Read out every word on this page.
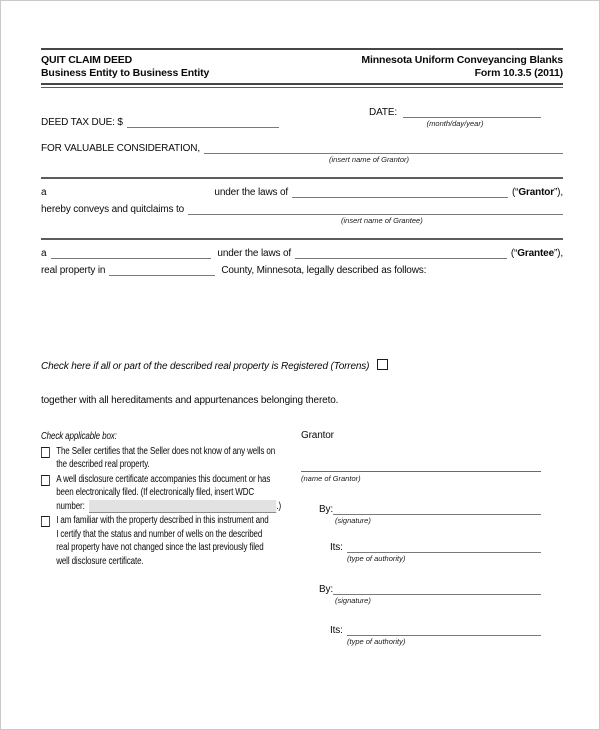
QUIT CLAIM DEED
Business Entity to Business Entity
Minnesota Uniform Conveyancing Blanks
Form 10.3.5 (2011)
DEED TAX DUE: $
DATE:
(month/day/year)
FOR VALUABLE CONSIDERATION,
(insert name of Grantor)
a	under the laws of	(“Grantor”),
hereby conveys and quitclaims to
(insert name of Grantee)
a	under the laws of	(“Grantee”),
real property in	County, Minnesota, legally described as follows:
Check here if all or part of the described real property is Registered (Torrens)
together with all hereditaments and appurtenances belonging thereto.
Check applicable box:
The Seller certifies that the Seller does not know of any wells on
the described real property.
A well disclosure certificate accompanies this document or has
been electronically filed. (If electronically filed, insert WDC
number:	.)
I am familiar with the property described in this instrument and
I certify that the status and number of wells on the described
real property have not changed since the last previously filed
well disclosure certificate.
Grantor
(name of Grantor)
By:
(signature)
Its:
(type of authority)
By:
(signature)
Its:
(type of authority)
